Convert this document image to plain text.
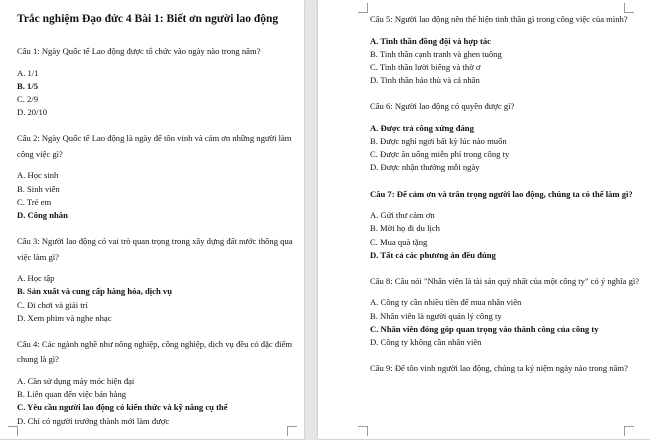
Trắc nghiệm Đạo đức 4 Bài 1: Biết ơn người lao động

Câu 1: Ngày Quốc tế Lao động được tổ chức vào ngày nào trong năm?

A. 1/1

B. 1/5

C. 2/9

D. 20/10

Câu 2: Ngày Quốc tế Lao động là ngày để tôn vinh và cảm ơn những người làm công việc gì?

A. Học sinh

B. Sinh viên

C. Trẻ em

D. Công nhân

Câu 3: Người lao động có vai trò quan trọng trong xây dựng đất nước thông qua việc làm gì?

A. Học tập

B. Sản xuất và cung cấp hàng hóa, dịch vụ

C. Đi chơi và giải trí

D. Xem phim và nghe nhạc

Câu 4: Các ngành nghề như nông nghiệp, công nghiệp, dịch vụ đều có đặc điểm chung là gì?

A. Cần sử dụng máy móc hiện đại

B. Liên quan đến việc bán hàng

C. Yêu cầu người lao động có kiến thức và kỹ năng cụ thể

D. Chỉ có người trưởng thành mới làm được

Câu 5: Người lao động nên thể hiện tinh thần gì trong công việc của mình?

A. Tinh thần đồng đội và hợp tác

B. Tinh thần cạnh tranh và ghen tuông

C. Tinh thần lười biếng và thờ ơ

D. Tinh thần báo thù và cá nhân

Câu 6: Người lao động có quyền được gì?

A. Được trả công xứng đáng

B. Được nghỉ ngơi bất kỳ lúc nào muốn

C. Được ăn uống miễn phí trong công ty

D. Được nhận thưởng mỗi ngày

Câu 7: Để cảm ơn và trân trọng người lao động, chúng ta có thể làm gì?

A. Gửi thư cảm ơn

B. Mời họ đi du lịch

C. Mua quà tặng

D. Tất cả các phương án đều đúng

Câu 8: Câu nói "Nhân viên là tài sản quý nhất của một công ty" có ý nghĩa gì?

A. Công ty cần nhiều tiền để mua nhân viên

B. Nhân viên là người quản lý công ty

C. Nhân viên đóng góp quan trọng vào thành công của công ty

D. Công ty không cần nhân viên

Câu 9: Để tôn vinh người lao động, chúng ta kỷ niệm ngày nào trong năm?
